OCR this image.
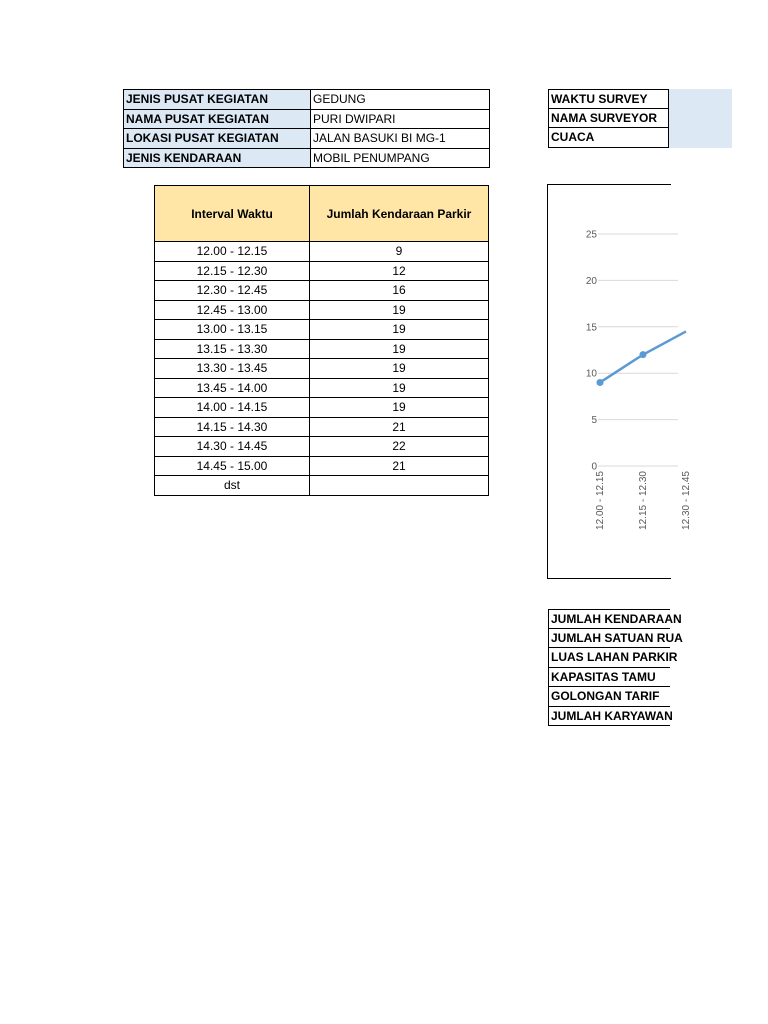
JENIS PUSAT KEGIATAN	GEDUNG
NAMA PUSAT KEGIATAN	PURI DWIPARI
LOKASI PUSAT KEGIATAN	JALAN BASUKI BI MG-1
JENIS KENDARAAN	MOBIL PENUMPANG
WAKTU SURVEY
NAMA SURVEYOR
CUACA
Interval Waktu	Jumlah Kendaraan Parkir
12.00 - 12.15	9
12.15 - 12.30	12
12.30 - 12.45	16
12.45 - 13.00	19
13.00 - 13.15	19
13.15 - 13.30	19
13.30 - 13.45	19
13.45 - 14.00	19
14.00 - 14.15	19
14.15 - 14.30	21
14.30 - 14.45	22
14.45 - 15.00	21
dst	
0
5
10
15
20
25
12.00 - 12.15	12.15 - 12.30	12.30 - 12.45
JUMLAH KENDARAAN
JUMLAH SATUAN RUA
LUAS LAHAN PARKIR
KAPASITAS TAMU
GOLONGAN TARIF
JUMLAH KARYAWAN
